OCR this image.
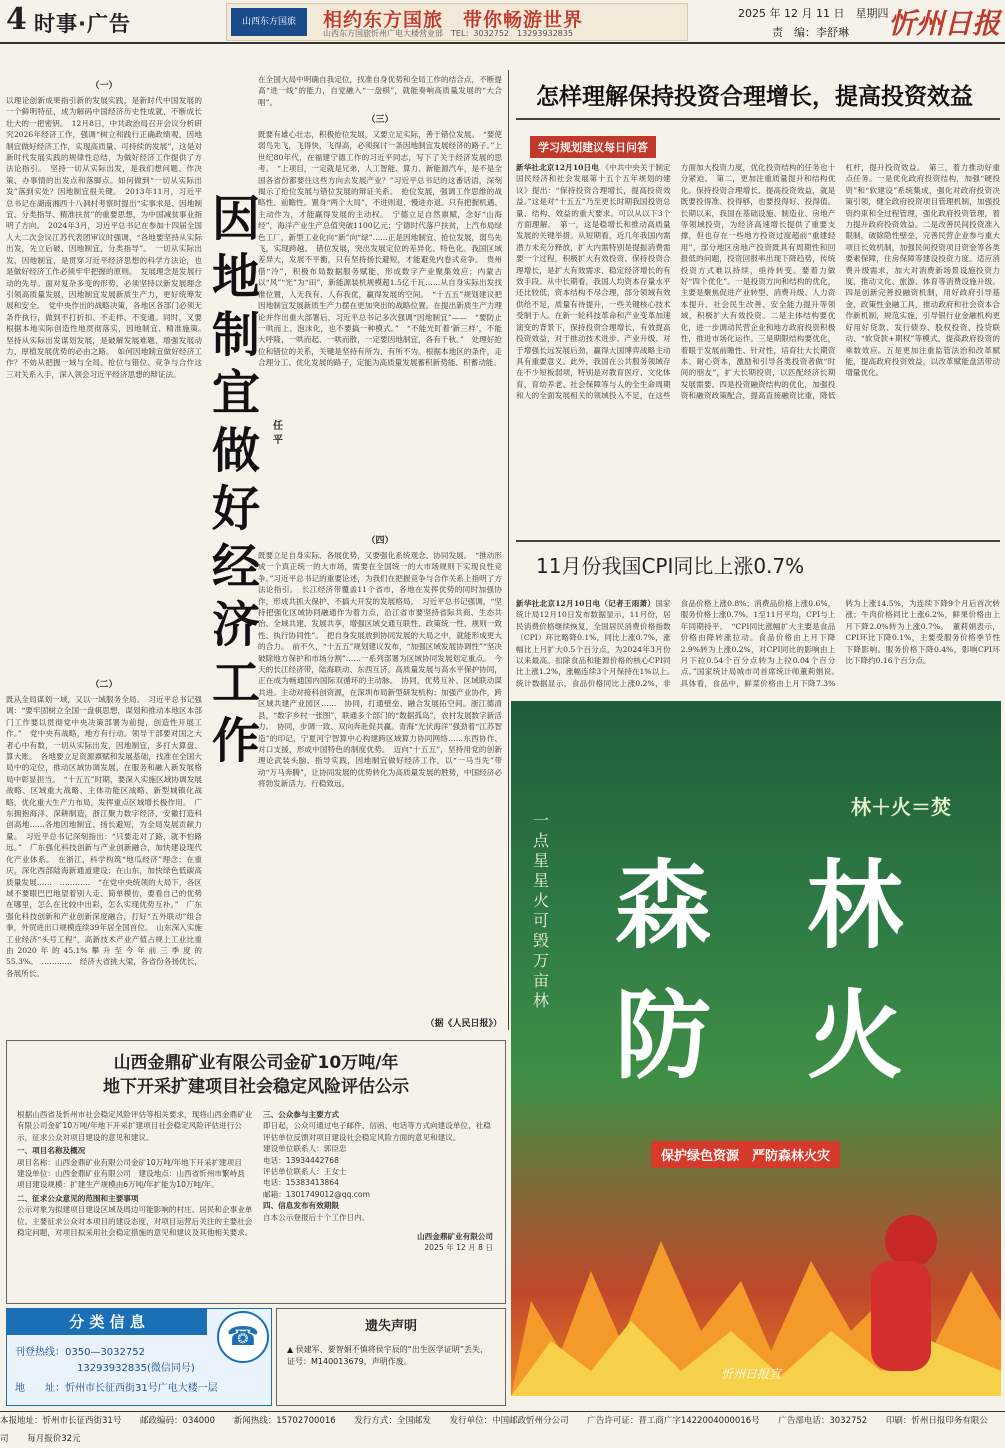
4 时事·广告	山西东方国旅	相约东方国旅　带你畅游世界
山西东方国旅忻州广电大楼营业部　TEL：3032752　13293932835
2025 年 12 月 11 日　星期四
责　编：李舒琳 忻州日报
（一）
以理论创新成果指引新的发展实践，是新时代中国发展的一个鲜明特征，成为解码中国经济历史性成就、不断成长壮大的一把密钥。　12月8日，中共政治局召开会议分析研究2026年经济工作，强调“树立和践行正确政绩观，因地制宜做好经济工作，实现高质量、可持续的发展”，这是对新时代发展实践的规律性总结，为做好经济工作提供了方法论指引。　坚持一切从实际出发，是我们想问题、作决策、办事情的出发点和落脚点。如何做到“一切从实际出发”落到实处？因地制宜很关键。　2013年11月，习近平总书记在湖南湘西十八洞村考察时提出“实事求是、因地制宜、分类指导、精准扶贫”的重要思想，为中国减贫事业指明了方向。　2024年3月，习近平总书记在参加十四届全国人大二次会议江苏代表团审议时强调，“各地要坚持从实际出发，先立后破、因地制宜、分类指导”。　一切从实际出发，因地制宜，是贯穿习近平经济思想的科学方法论，也是做好经济工作必须牢牢把握的原则。　发展理念是发展行动的先导。面对复杂多变的形势，必须坚持以新发展理念引领高质量发展，因地制宜发展新质生产力，更好统筹发展和安全。　党中央作出的战略决策，各地区各部门必须无条件执行，做到不打折扣、不走样、不变通。同时，又要根据本地实际创造性地贯彻落实，因地制宜、精准施策。　坚持从实际出发谋划发展，是破解发展难题、增强发展动力、厚植发展优势的必由之路。　如何因地制宜做好经济工作？不妨从把握一域与全局、抢位与错位、竞争与合作这三对关系入手，深入领会习近平经济思想的辩证法。
（二）
既从全局谋划一域，又以一域服务全局。　习近平总书记强调：“要牢固树立全国一盘棋思想，谋划和推动本地区本部门工作要以贯彻党中央决策部署为前提，创造性开展工作。”　党中央有战略，地方有行动。领导干部要对国之大者心中有数，一切从实际出发，因地制宜，多打大算盘、算大账。　各地要立足资源禀赋和发展基础，找准在全国大局中的定位，推动区域协调发展，在服务和融入新发展格局中彰显担当。　“十五五”时期，要深入实施区域协调发展战略、区域重大战略、主体功能区战略、新型城镇化战略，优化重大生产力布局，发挥重点区域增长极作用。　广东拥抱海洋、深耕制造，浙江聚力数字经济，安徽打造科创高地……各地因地制宜、扬长避短，为全局发展贡献力量。　习近平总书记深刻指出：“只要走对了路，就不怕路远。”　广东强化科技创新与产业创新融合，加快建设现代化产业体系。　在浙江，科学构筑“地瓜经济”理念；在重庆，深化西部陆海新通道建设；在山东，加快绿色低碳高质量发展……　…………　“在党中央统领的大局下，各区域不要眼巴巴地望着别人走、简单模仿，要看自己的优势在哪里，怎么在比较中出彩，怎么实现优势互补。”　广东强化科技创新和产业创新深度融合，打好“五外联动”组合拳，外贸进出口规模连续39年居全国首位。　山东深入实施工业经济“头号工程”，高新技术产业产值占规上工业比重由2020年的45.1%攀升至今年前三季度的55.3%。　…………　经济大省挑大梁，各省份各扬优长，各展所长。
因地制宜做好经济工作
任　平
在全国大局中明确自我定位，找准自身优势和全局工作的结合点，不断提高“进一线”的能力，自觉融入“一盘棋”，就能奏响高质量发展的“大合唱”。
（三）
既要有雄心壮志，积极抢位发展，又要立足实际，善于错位发展。　“要使弱鸟先飞，飞得快，飞得高，必须探讨一条因地制宜发展经济的路子。”上世纪80年代，在福建宁德工作的习近平同志，写下了关于经济发展的思考。　“上项目，一定就是兄弟，人工智能、算力、新能源汽车，是不是全国各省份都要往这些方向去发展产业？”习近平总书记的这番话语，深刻揭示了抢位发展与错位发展的辩证关系。　抢位发展，强调工作思维的战略性、前瞻性。置身“两个大局”，不进则退、慢进亦退。只有把握机遇、主动作为，才能赢得发展的主动权。　宁德立足自然禀赋，念好“山海经”，海洋产业生产总值突破1100亿元；宁德时代落户扶贫，上汽布局绿色工厂，新型工业化向“新”向“绿”……正是因地制宜、抢位发展，弱鸟先飞，实现跨越。　错位发展，突出发展定位的差异化、特色化。我国区域差异大，发展不平衡，只有坚持扬长避短，才能避免内卷式竞争。　贵州借“冷”，积极布局数据服务赋能，形成数字产业聚集效应；内蒙古以“风”“光”为“田”，新能源装机规模超1.5亿千瓦……从自身实际出发找准位置，人无我有、人有我优，赢得发展的空间。　“十五五”规划建议把因地制宜发展新质生产力摆在更加突出的战略位置。在提出新质生产力理论并作出重大部署后，习近平总书记多次强调“因地制宜”——　“要防止一哄而上、泡沫化，也不要搞一种模式。”　“不能光盯着‘新三样’，不能大呼隆、一哄而起、一哄而散，一定要因地制宜，各有千秋。”　处理好抢位和错位的关系，关键是坚持有所为、有所不为。根据本地区的条件，走合理分工、优化发展的路子，定能为高质量发展蓄积新势能、积蓄动能。
（四）
既要立足自身实际、各展优势，又要强化系统观念、协同发展。　“推动形成一个真正统一的大市场，需要在全国统一的大市场规则下实现良性竞争。”习近平总书记的重要论述，为我们在把握竞争与合作关系上指明了方法论指引。　长江经济带覆盖11个省市，各地在发挥优势的同时加强协作，形成共抓大保护、不搞大开发的发展格局。　习近平总书记强调，“坚持把强化区域协同融通作为着力点，沿江省市要坚持省际共商、生态共治、全域共建、发展共享，增强区域交通互联性、政策统一性、规则一致性、执行协同性”。　把自身发展放到协同发展的大局之中，就能形成更大的合力。　前不久，“十五五”规划建议发布，“加强区域发展协调性”“坚决破除地方保护和市场分割”……一系列部署为区域协同发展划定重点。　今天的长江经济带，陆海联动、东西互济，高质量发展与高水平保护协同，正在成为畅通国内国际双循环的主动脉。　协同，优势互补、区域联动谋共进。主动对接科创资源，在深圳布局新型研发机构；加强产业协作，跨区域共建产业园区……　协同，打通壁垒、融合发展拓空间。浙江德清县，“数字乡村一张图”，联通多个部门的“数据孤岛”，农村发展数字新活力。　协同，步调一致、双向奔赴促共赢。青海“光伏海洋”强劲着“江苏智造”的印记，宁夏河宁智算中心构建跨区域算力协同网络……东西协作、对口支援，形成中国特色的制度优势。　迈向“十五五”，坚持用党的创新理论武装头脑、指导实践，因地制宜做好经济工作，以“一马当先”带动“万马奔腾”，让协同发展的优势转化为高质量发展的胜势，中国经济必将勃发新活力、行稳致远。
（据《人民日报》）
怎样理解保持投资合理增长，提高投资效益
学习规划建议每日问答
新华社北京12月10日电 《中共中央关于制定国民经济和社会发展第十五个五年规划的建议》提出：“保持投资合理增长，提高投资效益。”这是对“十五五”乃至更长时期我国投资总量、结构、效益的重大要求。可以从以下3个方面理解。　第一，这是稳增长和推动高质量发展的关键举措。从短期看，近几年我国内需潜力未充分释放，扩大内需特别是提振消费需要一个过程，积极扩大有效投资、保持投资合理增长，是扩大有效需求、稳定经济增长的有效手段。从中长期看，我国人均资本存量水平还比较低，资本结构不尽合理，部分领域有效供给不足，质量有待提升，一些关键核心技术受制于人。在新一轮科技革命和产业变革加速演变的背景下，保持投资合理增长，有效提高投资效益，对于推动技术进步、产业升级、对于增强长远发展后劲，赢得大国博弈战略主动具有重要意义。此外，我国在公共服务领域存在不少短板弱项，特别是对教育医疗、文化体育、育幼养老、社会保障等与人的全生命周期和人的全面发展相关的领域投入不足，在这些方面加大投资力度，优化投资结构的任务也十分紧迫。　第二，更加注重质量提升和结构优化。保持投资合理增长、提高投资效益，就是既要投得准、投得够，也要投得好、投得值。长期以来，我国在基础设施、制造业、房地产等领域投资，为经济高速增长提供了重要支撑，但也存在一些地方投资过度超前“重建轻用”，部分地区房地产投资既具有周期性和回报低的问题，投资回报率出现下降趋势，传统投资方式难以持续，亟待转变。要着力做好“四个优化”。一是投资方向和结构的优化，主要是聚焦促进产业转型、消费升级、人力资本提升、社会民生改善、安全能力提升等领域，积极扩大有效投资。二是主体结构要优化，进一步调动民营企业和地方政府投资积极性，推进市场化运作。三是期限结构要优化，着眼于发展前瞻性、针对性，培育壮大长期资本、耐心资本，激励和引导各类投资者做“时间的朋友”，扩大长期投资，以匹配经济长期发展需要。四是投资融资结构的优化，加强投资和融资政策配合，提高直接融资比重，降低杠杆，提升投资效益。　第三，着力推动好重点任务。一是优化政府投资结构，加强“硬投资”和“软建设”系统集成，强化对政府投资决策引领，健全政府投资项目管理机制，加强投资约束和全过程管理，强化政府投资管理，着力提升政府投资效益。二是改善民间投资准入限制，破除隐性壁垒，完善民营企业参与重大项目长效机制，加强民间投资项目资金等各类要素保障，住房保障等建设投资力度。适应消费升级需求，加大对消费新场景设施投资力度，推动文化、旅游、体育等消费设施升级。四是创新完善投融资机制，用好政府引导基金、政策性金融工具，推动政府和社会资本合作新机制，规范实施，引导银行业金融机构更好用好贷款、发行债券、股权投资、投贷联动、“软贷款+期权”等模式，提高政府投资的乘数效应。五是更加注重监管法治和改革赋能，提高政府投资效益，以改革赋能盘活带动增量优化。
11月份我国CPI同比上涨0.7%
新华社北京12月10日电（记者王雨萧）国家统计局12月10日发布数据显示，11月份，居民消费价格继续恢复，全国居民消费价格指数（CPI）环比略降0.1%，同比上涨0.7%，涨幅比上月扩大0.5个百分点，为2024年3月份以来最高。扣除食品和能源价格的核心CPI同比上涨1.2%，涨幅连续3个月保持在1%以上。　统计数据显示，食品价格同比上涨0.2%，非食品价格上涨0.8%；消费品价格上涨0.6%，服务价格上涨0.7%。1至11月平均，CPI与上年同期持平。　“CPI同比涨幅扩大主要是食品价格由降转涨拉动。食品价格由上月下降2.9%转为上涨0.2%，对CPI同比的影响由上月下拉0.54个百分点转为上拉0.04个百分点。”国家统计局城市司首席统计师董莉娟说。　具体看，食品中，鲜菜价格由上月下降7.3%转为上涨14.5%，为连续下降9个月后首次转涨；牛肉价格同比上涨6.2%，鲜果价格由上月下降2.0%转为上涨0.7%。　董莉娟表示，CPI环比下降0.1%，主要受服务价格季节性下降影响。服务价格下降0.4%，影响CPI环比下降约0.16个百分点。
林＋火＝焚
一点星星火　可毁万亩林
森　林
防　火
保护绿色资源　严防森林火灾
忻州日报宣
山西金鼎矿业有限公司金矿10万吨/年
地下开采扩建项目社会稳定风险评估公示
根据山西省及忻州市社会稳定风险评估等相关要求，现将山西金鼎矿业有限公司金矿10万吨/年地下开采扩建项目社会稳定风险评估进行公示，征求公众对项目建设的意见和建议。
一、项目名称及概况
项目名称：山西金鼎矿业有限公司金矿10万吨/年地下开采扩建项目　建设单位：山西金鼎矿业有限公司　建设地点：山西省忻州市繁峙县　项目建设规模：扩建生产规模由6万吨/年扩能为10万吨/年。
二、征求公众意见的范围和主要事项
公示对象为拟建项目建设区域及周边可能影响的村庄、居民和企事业单位。主要征求公众对本项目的建设态度，对项目运营后关注的主要社会稳定问题，对项目拟采用社会稳定措施的意见和建议及其他相关要求。
三、公众参与主要方式
即日起，公众可通过电子邮件、信函、电话等方式向建设单位、社稳评估单位反馈对项目建设社会稳定风险方面的意见和建议。
建设单位联系人：郭臣忠
电话：13934442768
评估单位联系人：王女士
电话：15383413864
邮箱：1301749012@qq.com
四、信息发布有效期限
自本公示登报后十个工作日内。
山西金鼎矿业有限公司
2025 年 12 月 8 日
分 类 信 息	☎
刊登热线：0350—3032752
13293932835(微信同号)
地　　址：忻州市长征西街31号广电大楼一层
遗失声明
▲ 侯建军、要智娟不慎将侯宇辰的“出生医学证明”丢失，证号：M140013679，声明作废。
本报地址：忻州市长征西街31号 邮政编码：034000 新闻热线：15702700016 发行方式：全国邮发 发行单位：中国邮政忻州分公司 广告许可证：晋工商广字1422004000016号 广告部电话：3032752 印刷：忻州日报印务有限公司 每月报价32元
